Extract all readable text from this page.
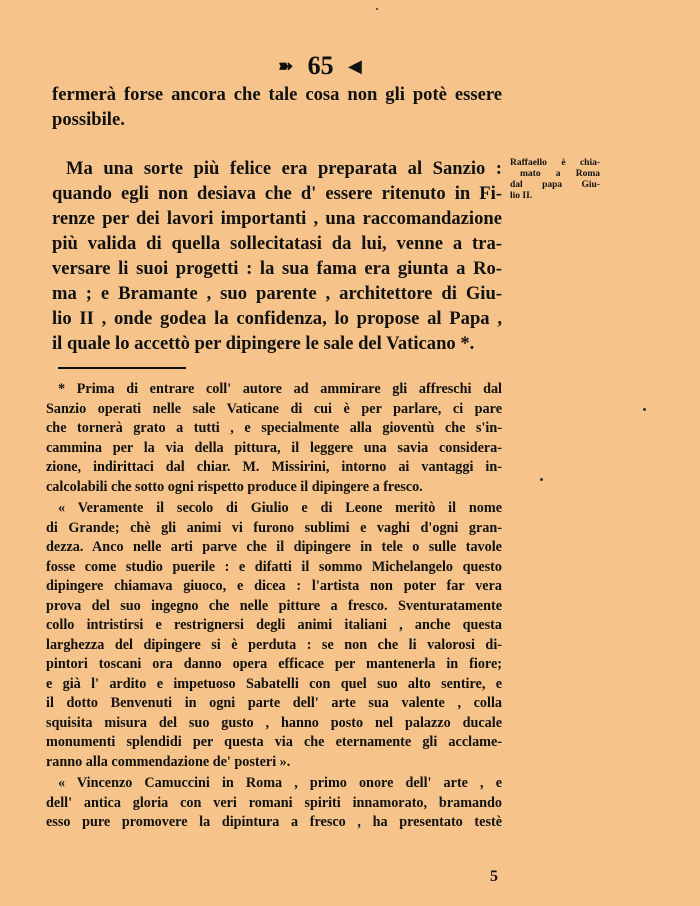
➽ 65 ◀
fermerà forse ancora che tale cosa non gli potè essere
possibile.
Ma una sorte più felice era preparata al Sanzio :
quando egli non desiava che d' essere ritenuto in Fi-
renze per dei lavori importanti , una raccomandazione
più valida di quella sollecitatasi da lui, venne a tra-
versare li suoi progetti : la sua fama era giunta a Ro-
ma ; e Bramante , suo parente , architettore di Giu-
lio II , onde godea la confidenza, lo propose al Papa ,
il quale lo accettò per dipingere le sale del Vaticano *.
Raffaello è chia-
mato a Roma
dal papa Giu-
lio II.
* Prima di entrare coll' autore ad ammirare gli affreschi dal
Sanzio operati nelle sale Vaticane di cui è per parlare, ci pare
che tornerà grato a tutti , e specialmente alla gioventù che s'in-
cammina per la via della pittura, il leggere una savia considera-
zione, indirittaci dal chiar. M. Missirini, intorno ai vantaggi in-
calcolabili che sotto ogni rispetto produce il dipingere a fresco.
« Veramente il secolo di Giulio e di Leone meritò il nome
di Grande; chè gli animi vi furono sublimi e vaghi d'ogni gran-
dezza. Anco nelle arti parve che il dipingere in tele o sulle tavole
fosse come studio puerile : e difatti il sommo Michelangelo questo
dipingere chiamava giuoco, e dicea : l'artista non poter far vera
prova del suo ingegno che nelle pitture a fresco. Sventuratamente
collo intristirsi e restrignersi degli animi italiani , anche questa
larghezza del dipingere si è perduta : se non che li valorosi di-
pintori toscani ora danno opera efficace per mantenerla in fiore;
e già l' ardito e impetuoso Sabatelli con quel suo alto sentire, e
il dotto Benvenuti in ogni parte dell' arte sua valente , colla
squisita misura del suo gusto , hanno posto nel palazzo ducale
monumenti splendidi per questa via che eternamente gli acclame-
ranno alla commendazione de' posteri ».
« Vincenzo Camuccini in Roma , primo onore dell' arte , e
dell' antica gloria con veri romani spiriti innamorato, bramando
esso pure promovere la dipintura a fresco , ha presentato testè
5
